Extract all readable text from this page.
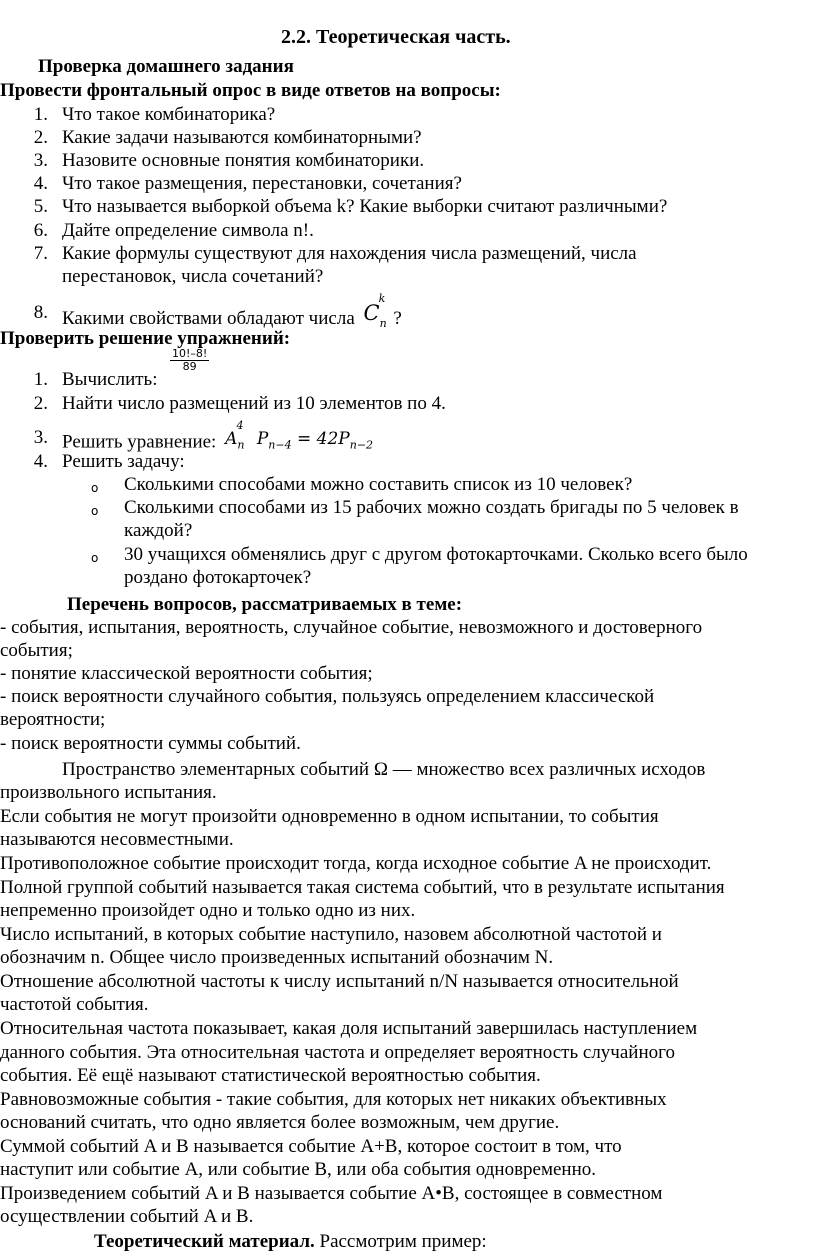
2.2. Теоретическая часть.
Проверка домашнего задания
Провести фронтальный опрос в виде ответов на вопросы:
1. Что такое комбинаторика?
2. Какие задачи называются комбинаторными?
3. Назовите основные понятия комбинаторики.
4. Что такое размещения, перестановки, сочетания?
5. Что называется выборкой объема k? Какие выборки считают различными?
6. Дайте определение символа n!.
7. Какие формулы существуют для нахождения числа размещений, числа
перестановок, числа сочетаний?
8. Какими свойствами обладают числа $C_n^k$?
Проверить решение упражнений:
1. Вычислить:
$\frac{10!-8!}{89}$
2. Найти число размещений из 10 элементов по 4.
3. Решить уравнение: $A_n^4$ $P_{n-4} = 42P_{n-2}$
4. Решить задачу:
o Сколькими способами можно составить список из 10 человек?
o Сколькими способами из 15 рабочих можно создать бригады по 5 человек в
каждой?
o 30 учащихся обменялись друг с другом фотокарточками. Сколько всего было
роздано фотокарточек?
Перечень вопросов, рассматриваемых в теме:
- события, испытания, вероятность, случайное событие, невозможного и достоверного
события;
- понятие классической вероятности события;
- поиск вероятности случайного события, пользуясь определением классической
вероятности;
- поиск вероятности суммы событий.
Пространство элементарных событий Ω — множество всех различных исходов
произвольного испытания.
Если события не могут произойти одновременно в одном испытании, то события
называются несовместными.
Противоположное событие происходит тогда, когда исходное событие A не происходит.
Полной группой событий называется такая система событий, что в результате испытания
непременно произойдет одно и только одно из них.
Число испытаний, в которых событие наступило, назовем абсолютной частотой и
обозначим n. Общее число произведенных испытаний обозначим N.
Отношение абсолютной частоты к числу испытаний n/N называется относительной
частотой события.
Относительная частота показывает, какая доля испытаний завершилась наступлением
данного события. Эта относительная частота и определяет вероятность случайного
события. Её ещё называют статистической вероятностью события.
Равновозможные события - такие события, для которых нет никаких объективных
оснований считать, что одно является более возможным, чем другие.
Суммой событий A и B называется событие A+B, которое состоит в том, что
наступит или событие A, или событие B, или оба события одновременно.
Произведением событий A и B называется событие A•B, состоящее в совместном
осуществлении событий A и B.
Теоретический материал. Рассмотрим пример:
